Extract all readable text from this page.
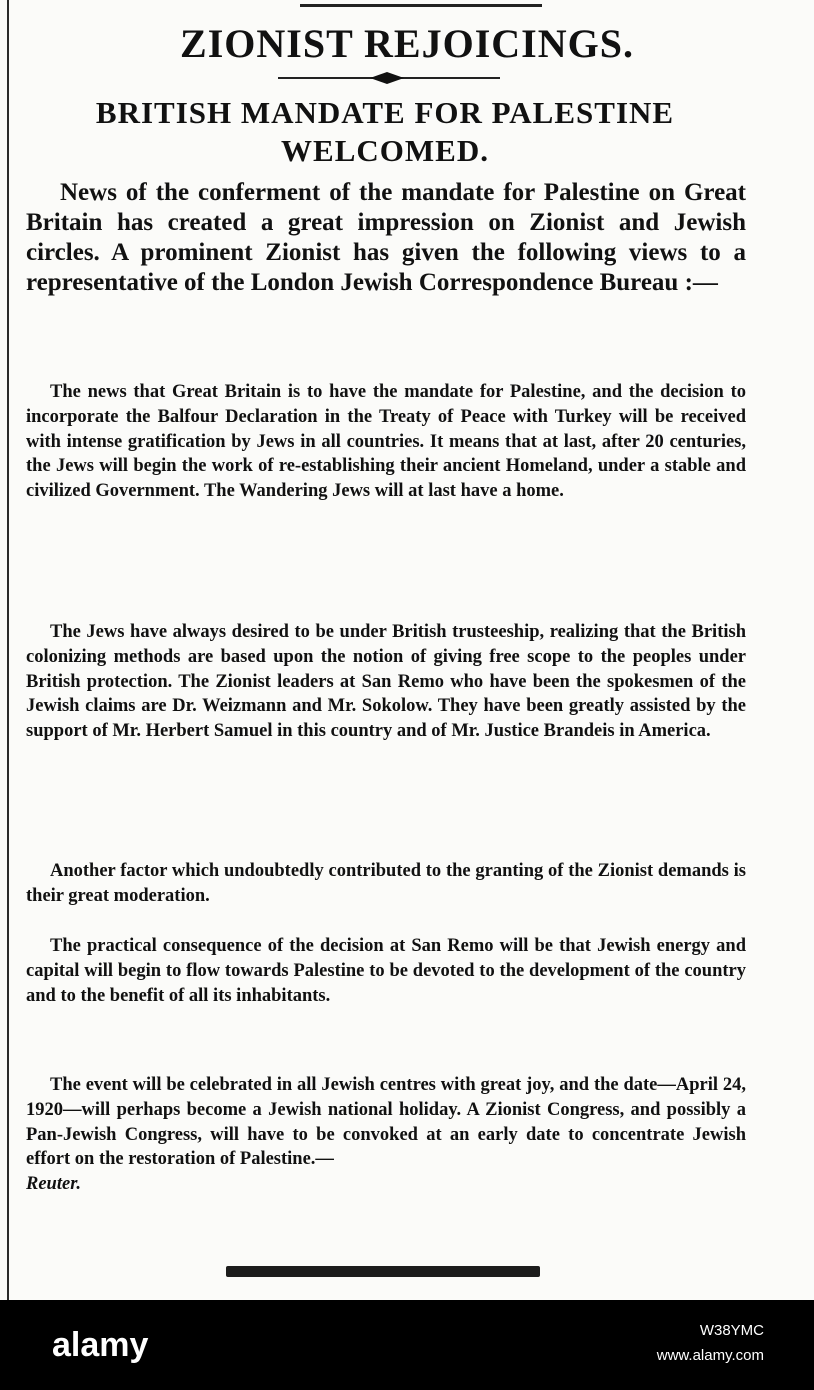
ZIONIST REJOICINGS.
BRITISH MANDATE FOR PALESTINE WELCOMED.

News of the conferment of the mandate for Palestine on Great Britain has created a great impression on Zionist and Jewish circles. A prominent Zionist has given the following views to a representative of the London Jewish Correspondence Bureau :—

The news that Great Britain is to have the mandate for Palestine, and the decision to incorporate the Balfour Declaration in the Treaty of Peace with Turkey will be received with intense gratification by Jews in all countries. It means that at last, after 20 centuries, the Jews will begin the work of re-establishing their ancient Homeland, under a stable and civilized Government. The Wandering Jews will at last have a home.

The Jews have always desired to be under British trusteeship, realizing that the British colonizing methods are based upon the notion of giving free scope to the peoples under British protection. The Zionist leaders at San Remo who have been the spokesmen of the Jewish claims are Dr. Weizmann and Mr. Sokolow. They have been greatly assisted by the support of Mr. Herbert Samuel in this country and of Mr. Justice Brandeis in America.

Another factor which undoubtedly contributed to the granting of the Zionist demands is their great moderation.

The practical consequence of the decision at San Remo will be that Jewish energy and capital will begin to flow towards Palestine to be devoted to the development of the country and to the benefit of all its inhabitants.

The event will be celebrated in all Jewish centres with great joy, and the date—April 24, 1920—will perhaps become a Jewish national holiday. A Zionist Congress, and possibly a Pan-Jewish Congress, will have to be convoked at an early date to concentrate Jewish effort on the restoration of Palestine.—
Reuter.

alamy	W38YMC
www.alamy.com
